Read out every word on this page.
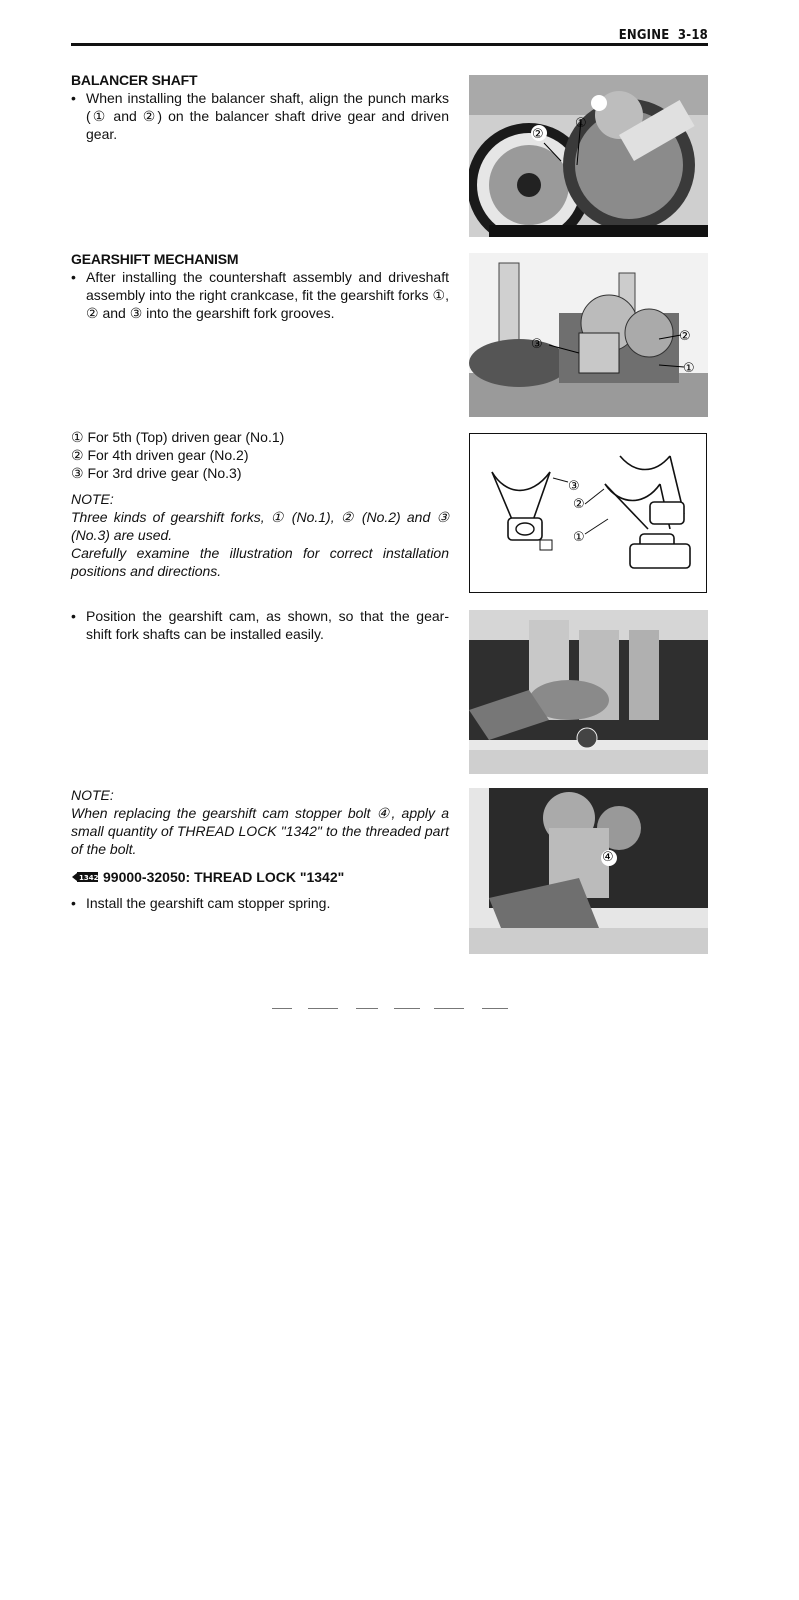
ENGINE  3-18
BALANCER SHAFT
• When installing the balancer shaft, align the punch marks (① and ②) on the balancer shaft drive gear and driven gear.	②
①
GEARSHIFT MECHANISM
• After installing the countershaft assembly and driveshaft assembly into the right crankcase, fit the gearshift forks ①, ② and ③ into the gearshift fork grooves.
③
②
①
① For 5th (Top) driven gear (No.1)
② For 4th driven gear (No.2)
③ For 3rd drive gear (No.3)
NOTE:
Three kinds of gearshift forks, ① (No.1), ② (No.2) and ③ (No.3) are used.
Carefully examine the illustration for correct installation positions and directions.
③
②
①
• Position the gearshift cam, as shown, so that the gear-shift fork shafts can be installed easily.
NOTE:
When replacing the gearshift cam stopper bolt ④, apply a small quantity of THREAD LOCK "1342" to the threaded part of the bolt.
1342 99000-32050: THREAD LOCK "1342"
• Install the gearshift cam stopper spring.
④
